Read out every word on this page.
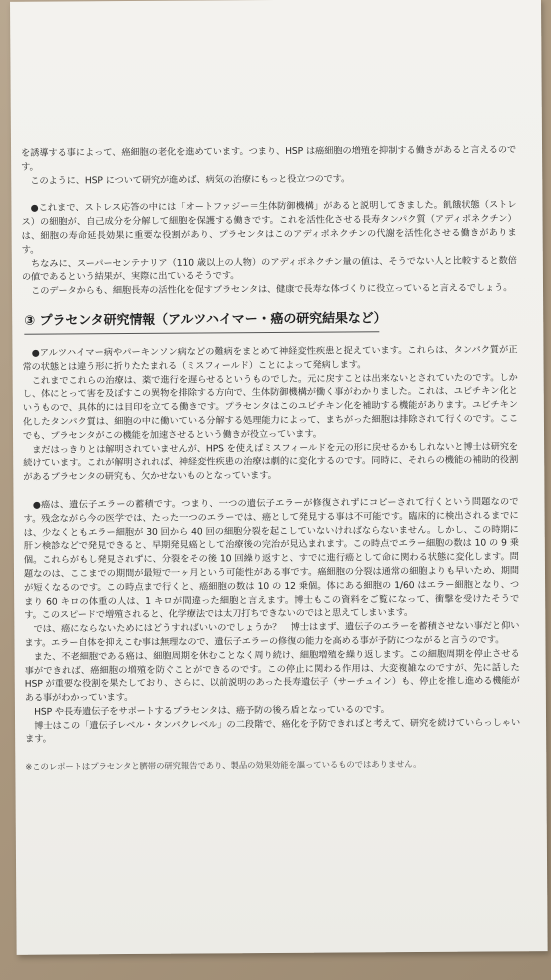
を誘導する事によって、癌細胞の老化を進めています。つまり、HSP は癌細胞の増殖を抑制する働きがあると言えるのです。

　このように、HSP について研究が進めば、病気の治療にもっと役立つのです。

　●これまで、ストレス応答の中には「オートファジー＝生体防御機構」があると説明してきました。飢餓状態（ストレス）の細胞が、自己成分を分解して細胞を保護する働きです。これを活性化させる長寿タンパク質（アディポネクチン）は、細胞の寿命延長効果に重要な役割があり、プラセンタはこのアディポネクチンの代謝を活性化させる働きがあります。

　ちなみに、スーパーセンテナリア（110 歳以上の人物）のアディポネクチン量の値は、そうでない人と比較すると数倍の値であるという結果が、実際に出ているそうです。

　このデータからも、細胞長寿の活性化を促すプラセンタは、健康で長寿な体づくりに役立っていると言えるでしょう。

③ プラセンタ研究情報（アルツハイマー・癌の研究結果など）

　●アルツハイマー病やパーキンソン病などの難病をまとめて神経変性疾患と捉えています。これらは、タンパク質が正常の状態とは違う形に折りたたまれる（ミスフィールド）ことによって発病します。

　これまでこれらの治療は、薬で進行を遅らせるというものでした。元に戻すことは出来ないとされていたのです。しかし、体にとって害を及ぼすこの異物を排除する方向で、生体防御機構が働く事がわかりました。これは、ユビチキン化というもので、具体的には目印を立てる働きです。プラセンタはこのユビチキン化を補助する機能があります。ユビチキン化したタンパク質は、細胞の中に働いている分解する処理能力によって、まちがった細胞は排除されて行くのです。ここでも、プラセンタがこの機能を加速させるという働きが役立っています。

　まだはっきりとは解明されていませんが、HPS を使えばミスフィールドを元の形に戻せるかもしれないと博士は研究を続けています。これが解明されれば、神経変性疾患の治療は劇的に変化するのです。同時に、それらの機能の補助的役割があるプラセンタの研究も、欠かせないものとなっています。

　●癌は、遺伝子エラーの蓄積です。つまり、一つの遺伝子エラーが修復されずにコピーされて行くという問題なのです。残念ながら今の医学では、たった一つのエラーでは、癌として発見する事は不可能です。臨床的に検出されるまでには、少なくともエラー細胞が 30 回から 40 回の細胞分裂を起こしていないければならないません。しかし、この時期に肝ン検診などで発見できると、早期発見癌として治療後の完治が見込まれます。この時点でエラー細胞の数は 10 の 9 乗個。これらがもし発見されずに、分裂をその後 10 回繰り返すと、すでに進行癌として命に関わる状態に変化します。問題なのは、ここまでの期間が最短で一ヶ月という可能性がある事です。癌細胞の分裂は通常の細胞よりも早いため、期間が短くなるのです。この時点まで行くと、癌細胞の数は 10 の 12 乗個。体にある細胞の 1/60 はエラー細胞となり、つまり 60 キロの体重の人は、1 キロが間違った細胞と言えます。博士もこの資料をご覧になって、衝撃を受けたそうです。このスピードで増殖されると、化学療法では太刀打ちできないのではと思えてしまいます。

　では、癌にならないためにはどうすればいいのでしょうか？　博士はまず、遺伝子のエラーを蓄積させない事だと仰います。エラー自体を抑えこむ事は無理なので、遺伝子エラーの修復の能力を高める事が予防につながると言うのです。

　また、不老細胞である癌は、細胞周期を休むことなく周り続け、細胞増殖を繰り返します。この細胞周期を停止させる事ができれば、癌細胞の増殖を防ぐことができるのです。この停止に関わる作用は、大変複雑なのですが、先に話した HSP が重要な役割を果たしており、さらに、以前説明のあった長寿遺伝子（サーチュイン）も、停止を推し進める機能がある事がわかっています。

　HSP や長寿遺伝子をサポートするプラセンタは、癌予防の後ろ盾となっているのです。

　博士はこの「遺伝子レベル・タンパクレベル」の二段階で、癌化を予防できればと考えて、研究を続けていらっしゃいます。

※このレポートはプラセンタと臍帯の研究報告であり、製品の効果効能を謳っているものではありません。
